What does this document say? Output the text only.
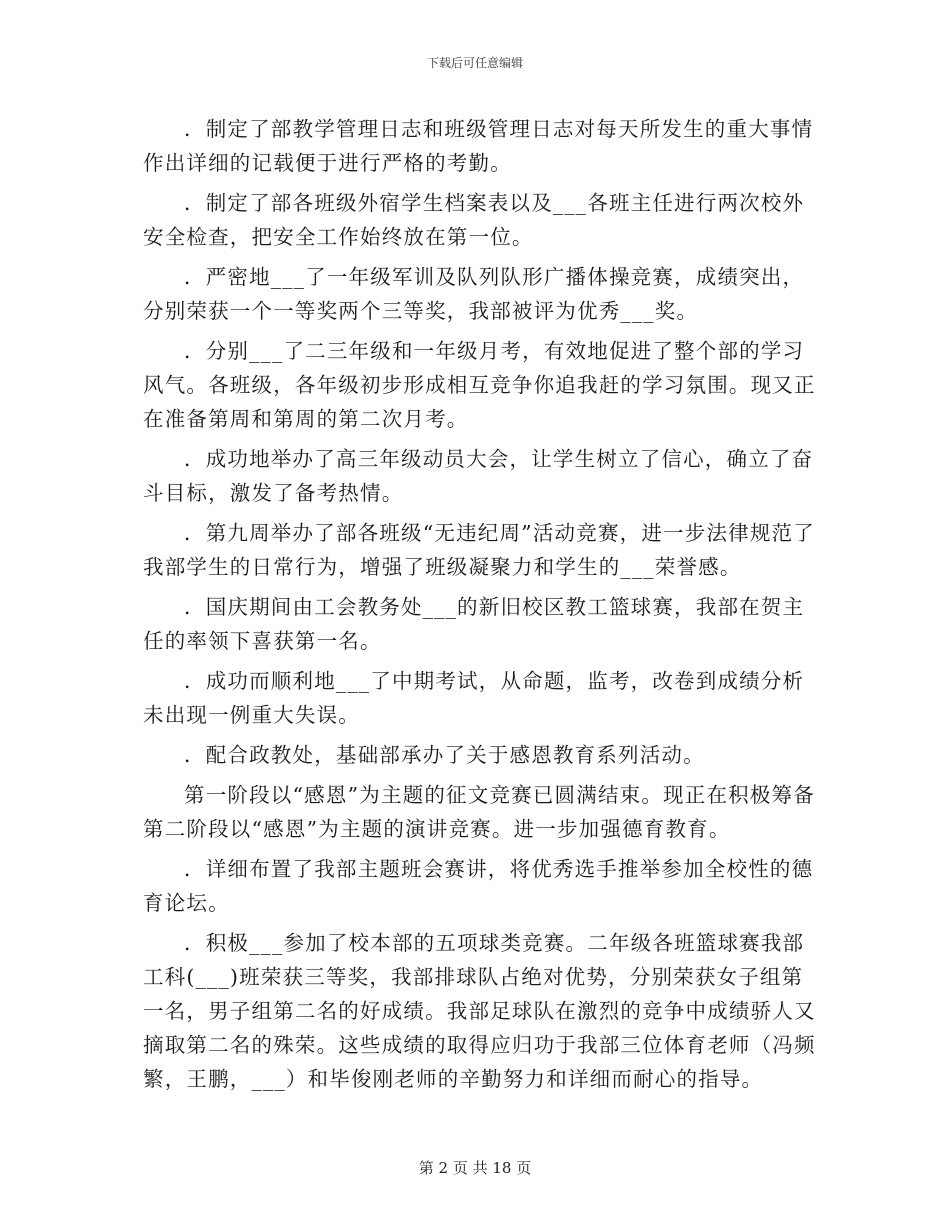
下载后可任意编辑

．制定了部教学管理日志和班级管理日志对每天所发生的重大事情作出详细的记载便于进行严格的考勤。

．制定了部各班级外宿学生档案表以及___各班主任进行两次校外安全检查，把安全工作始终放在第一位。

．严密地___了一年级军训及队列队形广播体操竞赛，成绩突出，分别荣获一个一等奖两个三等奖，我部被评为优秀___奖。

．分别___了二三年级和一年级月考，有效地促进了整个部的学习风气。各班级，各年级初步形成相互竞争你追我赶的学习氛围。现又正在准备第周和第周的第二次月考。

．成功地举办了高三年级动员大会，让学生树立了信心，确立了奋斗目标，激发了备考热情。

．第九周举办了部各班级“无违纪周”活动竞赛，进一步法律规范了我部学生的日常行为，增强了班级凝聚力和学生的___荣誉感。

．国庆期间由工会教务处___的新旧校区教工篮球赛，我部在贺主任的率领下喜获第一名。

．成功而顺利地___了中期考试，从命题，监考，改卷到成绩分析未出现一例重大失误。

．配合政教处，基础部承办了关于感恩教育系列活动。

第一阶段以“感恩”为主题的征文竞赛已圆满结束。现正在积极筹备第二阶段以“感恩”为主题的演讲竞赛。进一步加强德育教育。

．详细布置了我部主题班会赛讲，将优秀选手推举参加全校性的德育论坛。

．积极___参加了校本部的五项球类竞赛。二年级各班篮球赛我部工科(___)班荣获三等奖，我部排球队占绝对优势，分别荣获女子组第一名，男子组第二名的好成绩。我部足球队在激烈的竞争中成绩骄人又摘取第二名的殊荣。这些成绩的取得应归功于我部三位体育老师（冯频繁，王鹏，___）和毕俊刚老师的辛勤努力和详细而耐心的指导。

第 2 页 共 18 页
